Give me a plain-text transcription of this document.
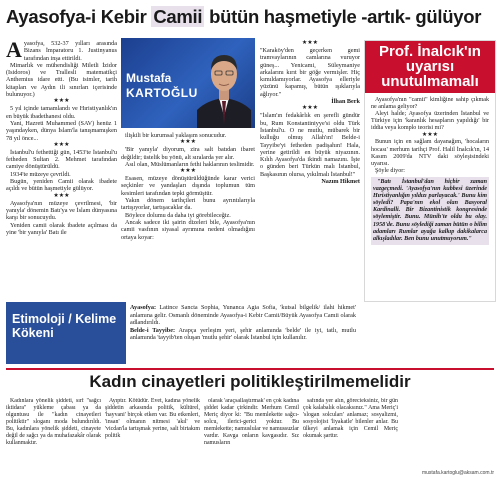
Ayasofya-i Kebir Camii bütün haşmetiyle -artık- gülüyor
A yasofya, 532-37 yılları arasında Bizans İmparatoru 1. Justinyanus tarafından inşa ettirildi.

Mimarlık ve mühendisliği Miletli İzidor (Isidoros) ve Trallesli matematikçi Anthemius idare etti. (Bu isimler, tarih kitapları ve Aydın ili sınırları içerisinde bulunuyor.)

★★★

5 yıl içinde tamamlandı ve Hıristiyanlık'ın en büyük ibadethanesi oldu.

Yani, Hazreti Muhammed (SAV) henüz 1 yaşındayken, dünya İslam'la tanışmamışken 78 yıl önce...

★★★

İstanbul'u fethettiği gün, 1453'te İstanbul'u fetheden Sultan 2. Mehmet tarafından camiye dönüştürüldü.

1934'te müzeye çevrildi.

Bugün, yeniden Camii olarak ibadete açıldı ve bütün haşmetiyle gülüyor.

★★★

Ayasofya'nın müzeye çevrilmesi, 'bir yanıyla' dönemin Batı'ya ve İslam dünyasına karşı bir sonucuydu.

Yeniden camii olarak ibadete açılması da yine 'bir yanıyla' Batı ile

Mustafa
KARTOĞLU

ilişkili bir kurumsal yaklaşım sonucudur.

★★★

'Bir yanıyla' diyorum, zira salt batıdan ibaret değildir; üstelik bu yönü, alt sıralarda yer alır.

Asıl olan, Müslümanların fethi haklarının teslimidir.

★★★

Esasen, müzeye dönüştürüldüğünde karar verici seçkinler ve yandaşları dışında toplumun tüm kesimleri tarafından tepki görmüştür.

Yakın dönem tarihçileri bunu ayrıntılarıyla tartışıyorlar, tartışacaklar da.

Böylece dolumu da daha iyi görebileceğiz.

Ancak sadece iki şairin dizeleri bile, Ayasofya'nın camii vasfının siyasal ayrımına nedeni olmadığını ortaya koyar:

★★★

"Karaköy'den geçerken gemi tramvaylarının camlarına vuruyor güneş... Yenicami, Süleymaniye arkalarını kırıt bir göğe vermişler. Hiç kımıldamıyorlar. Ayasofya elleriyle yüzünü kapamış, bütün ışıklarıyla ağlıyor."

İlhan Berk

★★★

"İslam'ın fedakârlık en şerefli gündür bu, Rum Konstantiniyye'si oldu Türk İstanbul'u. O ne mutlu, mübarek bir kulluğu olmuş Allah'ın! Belde-i Tayyibe'yi fetheden padişahın! Hala, yerine getirildi en büyük niyazının. Kılıh Ayasofya'da ikindi namazını. İşte o günden beri Türkün malı İstanbul, Başkasının olursa, yıkılmalı İstanbul!"

Nazım Hikmet

Prof. İnalcık'ın uyarısı unutulmamalı

Ayasofya'nın "camii" kimliğine sahip çıkmak ne anlama geliyor?

Aleyi halde; Ayasofya üzerinden İstanbul ve Türkiye için 'karanlık hesapların yapıldığı' bir iddia veya komplo teorisi mi?

★★★

Bunun için en sağlam dayanağım, 'hocaların hocası' merhum tarihçi Prof. Halil İnalcık'ın, 14 Kasım 2009'da NTV daki söyleşisindeki uyarısı.

Şöyle diyor:

"Batı İstanbul'dan hiçbir zaman vazgeçmedi. 'Ayasofya'nın kubbesi üzerinde Hıristiyanlığın yıldızı parlayacak.' Bunu kim söyledi? Papa'nın ekol olan Basyoral Kardinalli. Bir Bizantinistik kongresinde söylemiştir. Bunu. Münih'te oldu bu olay. 1958'de. Bunu söylediği zaman bütün o bilim adamları Rumlar ayağa kalkıp dakikalarca alkışladılar. Ben bunu unutmuyorum."

Etimoloji / Kelime Kökeni

Ayasofya: Latince Sancta Sophia, Yunanca Agia Sofia, 'kutsal bilgelik/ ilahi hikmet' anlamına gelir. Osmanlı döneminde Ayasofya-i Kebir Camii/Büyük Ayasofya Camii olarak adlandırıldı.

Belde-i Tayyibe: Arapça yerleşim yeri, şehir anlamında 'belde' ile iyi, tatlı, mutlu anlamında 'tayyib'ten oluşan 'mutlu şehir' olarak İstanbul için kullanılır.

Kadın cinayetleri politikleştirilmemelidir

Kadınlara yönelik şiddeti, sırf "sağcı iktidara" yükleme çabası ya da olguntusu ile "kadın cinayetleri politiktir" sloganı moda bulundırıldı. Bu, kadınlara yönelik şiddeti, cinayete değil de sağcı ya da muhafazakâr olarak kullanmaktır.

Ayıptır. Kötüdür. Evet, kadına yönelik şiddetin arkasında politik, kültürel, 'hayvani' birçok etken var. Bu etkenleri, 'insan' olmanın nitmesi 'akıl' ve 'vicdan'la tartışmak yerine, salt birtakım politik

olarak 'araçsallaştırmak' en çok kadına şiddet kadar çirkindir. Merhum Cemil Meriç diyor ki: "Bu memlekette sağcı-solcu, ilerici-gerici yoktur. Bu memlekette; namuslular ve namussuzlar vardır. Kavga onların kavgasıdır. Sız namusların

safında yer alın, görecieksiniz, bir gün çok kalabalık olacaksınız." Ama Meriç'i 'slogan solcuları' anlamaz; sosyalizmi, sosyolojist 'liyakatle' bilenler anlar. Bu ülkeyi anlamak için Cemil Meriç okumak şarttır.

mustafa.kartoglu@aksam.com.tr
